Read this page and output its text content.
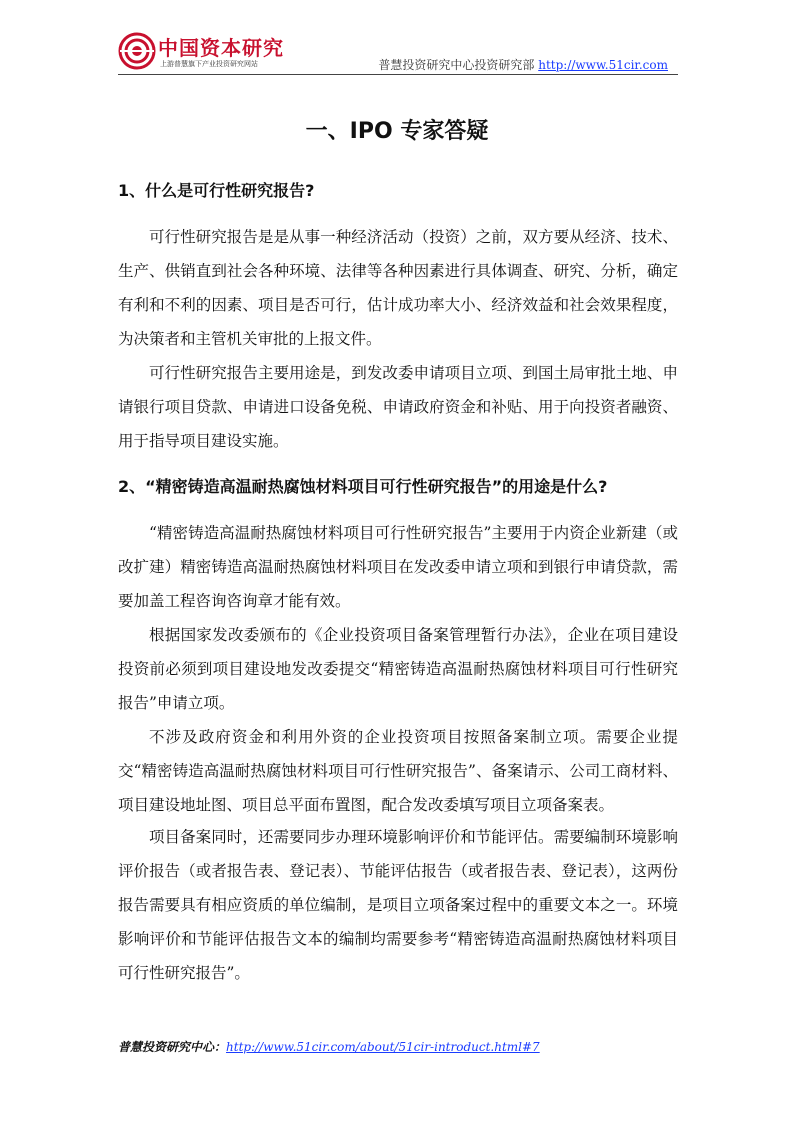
中国资本研究
上游普慧旗下产业投资研究网站	普慧投资研究中心投资研究部 http://www.51cir.com
一、IPO 专家答疑
1、什么是可行性研究报告?

可行性研究报告是是从事一种经济活动（投资）之前，双方要从经济、技术、生产、供销直到社会各种环境、法律等各种因素进行具体调查、研究、分析，确定有利和不利的因素、项目是否可行，估计成功率大小、经济效益和社会效果程度，为决策者和主管机关审批的上报文件。

可行性研究报告主要用途是，到发改委申请项目立项、到国土局审批土地、申请银行项目贷款、申请进口设备免税、申请政府资金和补贴、用于向投资者融资、用于指导项目建设实施。

2、“精密铸造高温耐热腐蚀材料项目可行性研究报告”的用途是什么?

“精密铸造高温耐热腐蚀材料项目可行性研究报告”主要用于内资企业新建（或改扩建）精密铸造高温耐热腐蚀材料项目在发改委申请立项和到银行申请贷款，需要加盖工程咨询咨询章才能有效。

根据国家发改委颁布的《企业投资项目备案管理暂行办法》，企业在项目建设投资前必须到项目建设地发改委提交“精密铸造高温耐热腐蚀材料项目可行性研究报告”申请立项。

不涉及政府资金和利用外资的企业投资项目按照备案制立项。需要企业提交“精密铸造高温耐热腐蚀材料项目可行性研究报告”、备案请示、公司工商材料、项目建设地址图、项目总平面布置图，配合发改委填写项目立项备案表。

项目备案同时，还需要同步办理环境影响评价和节能评估。需要编制环境影响评价报告（或者报告表、登记表）、节能评估报告（或者报告表、登记表），这两份报告需要具有相应资质的单位编制，是项目立项备案过程中的重要文本之一。环境影响评价和节能评估报告文本的编制均需要参考“精密铸造高温耐热腐蚀材料项目可行性研究报告”。

普慧投资研究中心：http://www.51cir.com/about/51cir-introduct.html#7
